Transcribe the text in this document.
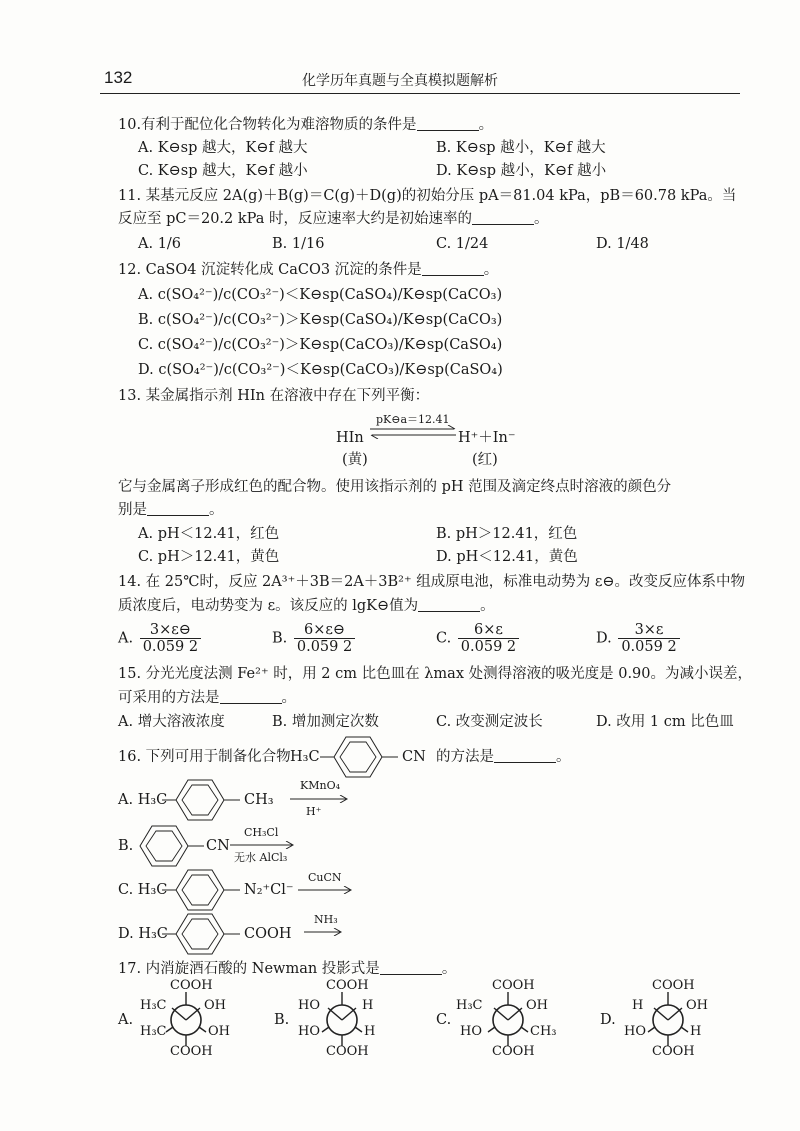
132	化学历年真题与全真模拟题解析
10.有利于配位化合物转化为难溶物质的条件是	。
A. K⊖sp 越大，K⊖f 越大	B. K⊖sp 越小，K⊖f 越大
C. K⊖sp 越大，K⊖f 越小	D. K⊖sp 越小，K⊖f 越小
11. 某基元反应 2A(g)＋B(g)＝C(g)＋D(g)的初始分压 pA＝81.04 kPa，pB＝60.78 kPa。当
反应至 pC＝20.2 kPa 时，反应速率大约是初始速率的	。
A. 1/6	B. 1/16	C. 1/24	D. 1/48
12. CaSO4 沉淀转化成 CaCO3 沉淀的条件是	。
A. c(SO₄²⁻)/c(CO₃²⁻)＜K⊖sp(CaSO₄)/K⊖sp(CaCO₃)
B. c(SO₄²⁻)/c(CO₃²⁻)＞K⊖sp(CaSO₄)/K⊖sp(CaCO₃)
C. c(SO₄²⁻)/c(CO₃²⁻)＞K⊖sp(CaCO₃)/K⊖sp(CaSO₄)
D. c(SO₄²⁻)/c(CO₃²⁻)＜K⊖sp(CaCO₃)/K⊖sp(CaSO₄)
13. 某金属指示剂 HIn 在溶液中存在下列平衡：
HIn
pK⊖a＝12.41
H⁺＋In⁻
(黄)	(红)
它与金属离子形成红色的配合物。使用该指示剂的 pH 范围及滴定终点时溶液的颜色分
别是	。
A. pH＜12.41，红色	B. pH＞12.41，红色
C. pH＞12.41，黄色	D. pH＜12.41，黄色
14. 在 25℃时，反应 2A³⁺＋3B＝2A＋3B²⁺ 组成原电池，标准电动势为 ε⊖。改变反应体系中物
质浓度后，电动势变为 ε。该反应的 lgK⊖值为	。
A. $\frac{3\times\varepsilon⊖}{0.059 2}$	B. $\frac{6\times\varepsilon⊖}{0.059 2}$	C. $\frac{6\times\varepsilon}{0.059 2}$	D. $\frac{3\times\varepsilon}{0.059 2}$
15. 分光光度法测 Fe²⁺ 时，用 2 cm 比色皿在 λmax 处测得溶液的吸光度是 0.90。为减小误差，
可采用的方法是	。
A. 增大溶液浓度	B. 增加测定次数	C. 改变测定波长	D. 改用 1 cm 比色皿
16. 下列可用于制备化合物 H₃C	CN 的方法是	。
A. H₃C	CH₃
KMnO₄
H⁺
B.	CN
CH₃Cl
无水 AlCl₃
C. H₃C	N₂⁺Cl⁻
CuCN
D. H₃C	COOH
NH₃
17. 内消旋酒石酸的 Newman 投影式是	。
A.
COOH
H₃C	OH
H₃C	OH
COOH
B.
COOH
HO	H
HO	H
COOH
C.
COOH
H₃C	OH
HO	CH₃
COOH
D.
COOH
H	OH
HO	H
COOH
